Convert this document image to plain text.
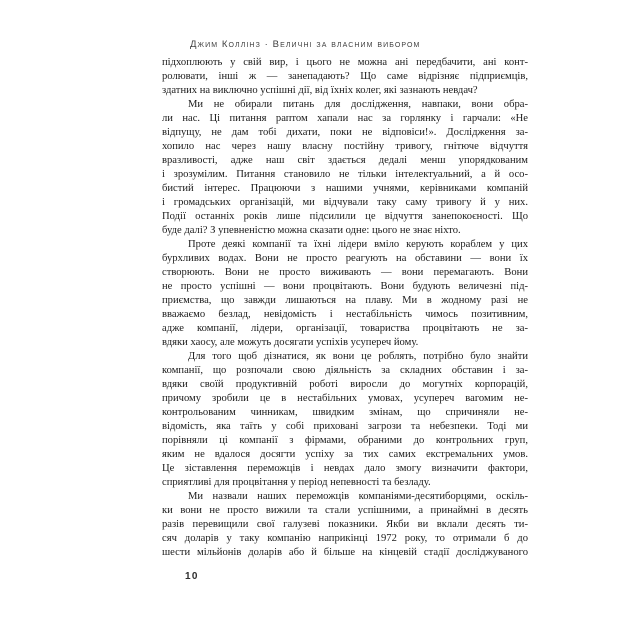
Джим Коллінз · Величні за власним вибором
підхоплюють у свій вир, і цього не можна ані передбачити, ані конт-
ролювати, інші ж — занепадають? Що саме відрізняє підприємців,
здатних на виключно успішні дії, від їхніх колег, які зазнають невдач?
Ми не обирали питань для дослідження, навпаки, вони обра-
ли нас. Ці питання раптом хапали нас за горлянку і гарчали: «Не
відпущу, не дам тобі дихати, поки не відповіси!». Дослідження за-
хопило нас через нашу власну постійну тривогу, гнітюче відчуття
вразливості, адже наш світ здається дедалі менш упорядкованим
і зрозумілим. Питання становило не тільки інтелектуальний, а й осо-
бистий інтерес. Працюючи з нашими учнями, керівниками компаній
і громадських організацій, ми відчували таку саму тривогу й у них.
Події останніх років лише підсилили це відчуття занепокоєності. Що
буде далі? З упевненістю можна сказати одне: цього не знає ніхто.
Проте деякі компанії та їхні лідери вміло керують кораблем у цих
бурхливих водах. Вони не просто реагують на обставини — вони їх
створюють. Вони не просто виживають — вони перемагають. Вони
не просто успішні — вони процвітають. Вони будують величезні під-
приємства, що завжди лишаються на плаву. Ми в жодному разі не
вважаємо безлад, невідомість і нестабільність чимось позитивним,
адже компанії, лідери, організації, товариства процвітають не за-
вдяки хаосу, але можуть досягати успіхів усупереч йому.
Для того щоб дізнатися, як вони це роблять, потрібно було знайти
компанії, що розпочали свою діяльність за складних обставин і за-
вдяки своїй продуктивній роботі виросли до могутніх корпорацій,
причому зробили це в нестабільних умовах, усупереч вагомим не-
контрольованим чинникам, швидким змінам, що спричиняли не-
відомість, яка таїть у собі приховані загрози та небезпеки. Тоді ми
порівняли ці компанії з фірмами, обраними до контрольних груп,
яким не вдалося досягти успіху за тих самих екстремальних умов.
Це зіставлення переможців і невдах дало змогу визначити фактори,
сприятливі для процвітання у період непевності та безладу.
Ми назвали наших переможців компаніями-десятиборцями, оскіль-
ки вони не просто вижили та стали успішними, а принаймні в десять
разів перевищили свої галузеві показники. Якби ви вклали десять ти-
сяч доларів у таку компанію наприкінці 1972 року, то отримали б до
шести мільйонів доларів або й більше на кінцевій стадії досліджуваного
10
